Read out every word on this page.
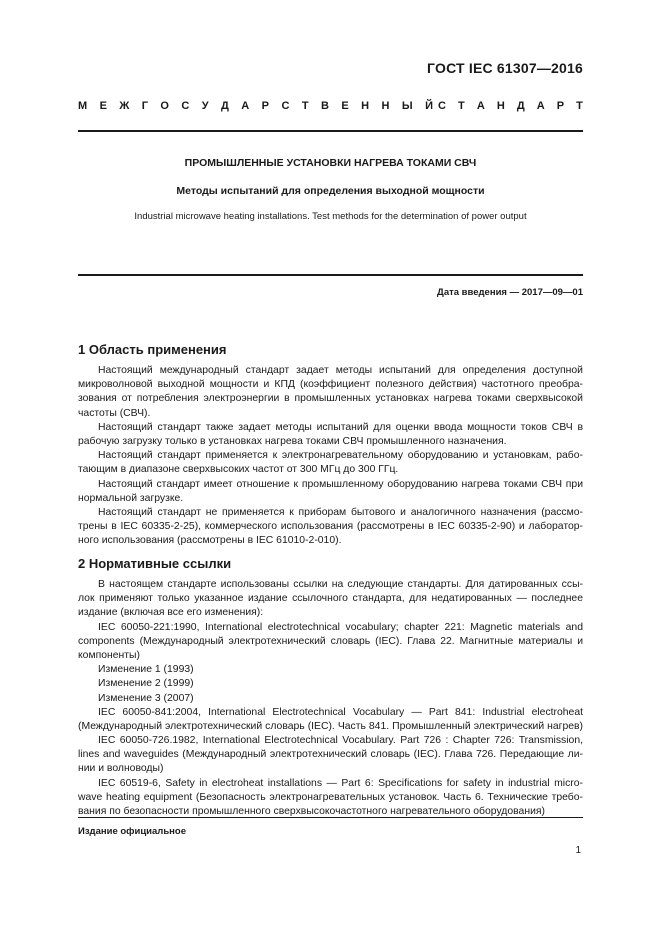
ГОСТ IEC 61307—2016
М Е Ж Г О С У Д А Р С Т В Е Н Н Ы Й С Т А Н Д А Р Т
ПРОМЫШЛЕННЫЕ УСТАНОВКИ НАГРЕВА ТОКАМИ СВЧ
Методы испытаний для определения выходной мощности
Industrial microwave heating installations. Test methods for the determination of power output
Дата введения — 2017—09—01
1 Область применения
Настоящий международный стандарт задает методы испытаний для определения доступной
микроволновой выходной мощности и КПД (коэффициент полезного действия) частотного преобра-
зования от потребления электроэнергии в промышленных установках нагрева токами сверхвысокой
частоты (СВЧ).
Настоящий стандарт также задает методы испытаний для оценки ввода мощности токов СВЧ в
рабочую загрузку только в установках нагрева токами СВЧ промышленного назначения.
Настоящий стандарт применяется к электронагревательному оборудованию и установкам, рабо-
тающим в диапазоне сверхвысоких частот от 300 МГц до 300 ГГц.
Настоящий стандарт имеет отношение к промышленному оборудованию нагрева токами СВЧ при
нормальной загрузке.
Настоящий стандарт не применяется к приборам бытового и аналогичного назначения (рассмо-
трены в IEC 60335-2-25), коммерческого использования (рассмотрены в IEC 60335-2-90) и лаборатор-
ного использования (рассмотрены в IEC 61010-2-010).
2 Нормативные ссылки
В настоящем стандарте использованы ссылки на следующие стандарты. Для датированных ссы-
лок применяют только указанное издание ссылочного стандарта, для недатированных — последнее
издание (включая все его изменения):
IEC 60050-221:1990, International electrotechnical vocabulary; chapter 221: Magnetic materials and
components (Международный электротехнический словарь (IEC). Глава 22. Магнитные материалы и
компоненты)
Изменение 1 (1993)
Изменение 2 (1999)
Изменение 3 (2007)
IEC 60050-841:2004, International Electrotechnical Vocabulary — Part 841: Industrial electroheat
(Международный электротехнический словарь (IEC). Часть 841. Промышленный электрический нагрев)
IEC 60050-726.1982, International Electrotechnical Vocabulary. Part 726 : Chapter 726: Transmission,
lines and waveguides (Международный электротехнический словарь (IEC). Глава 726. Передающие ли-
нии и волноводы)
IEC 60519-6, Safety in electroheat installations — Part 6: Specifications for safety in industrial micro-
wave heating equipment (Безопасность электронагревательных установок. Часть 6. Технические требо-
вания по безопасности промышленного сверхвысокочастотного нагревательного оборудования)
Издание официальное
1
